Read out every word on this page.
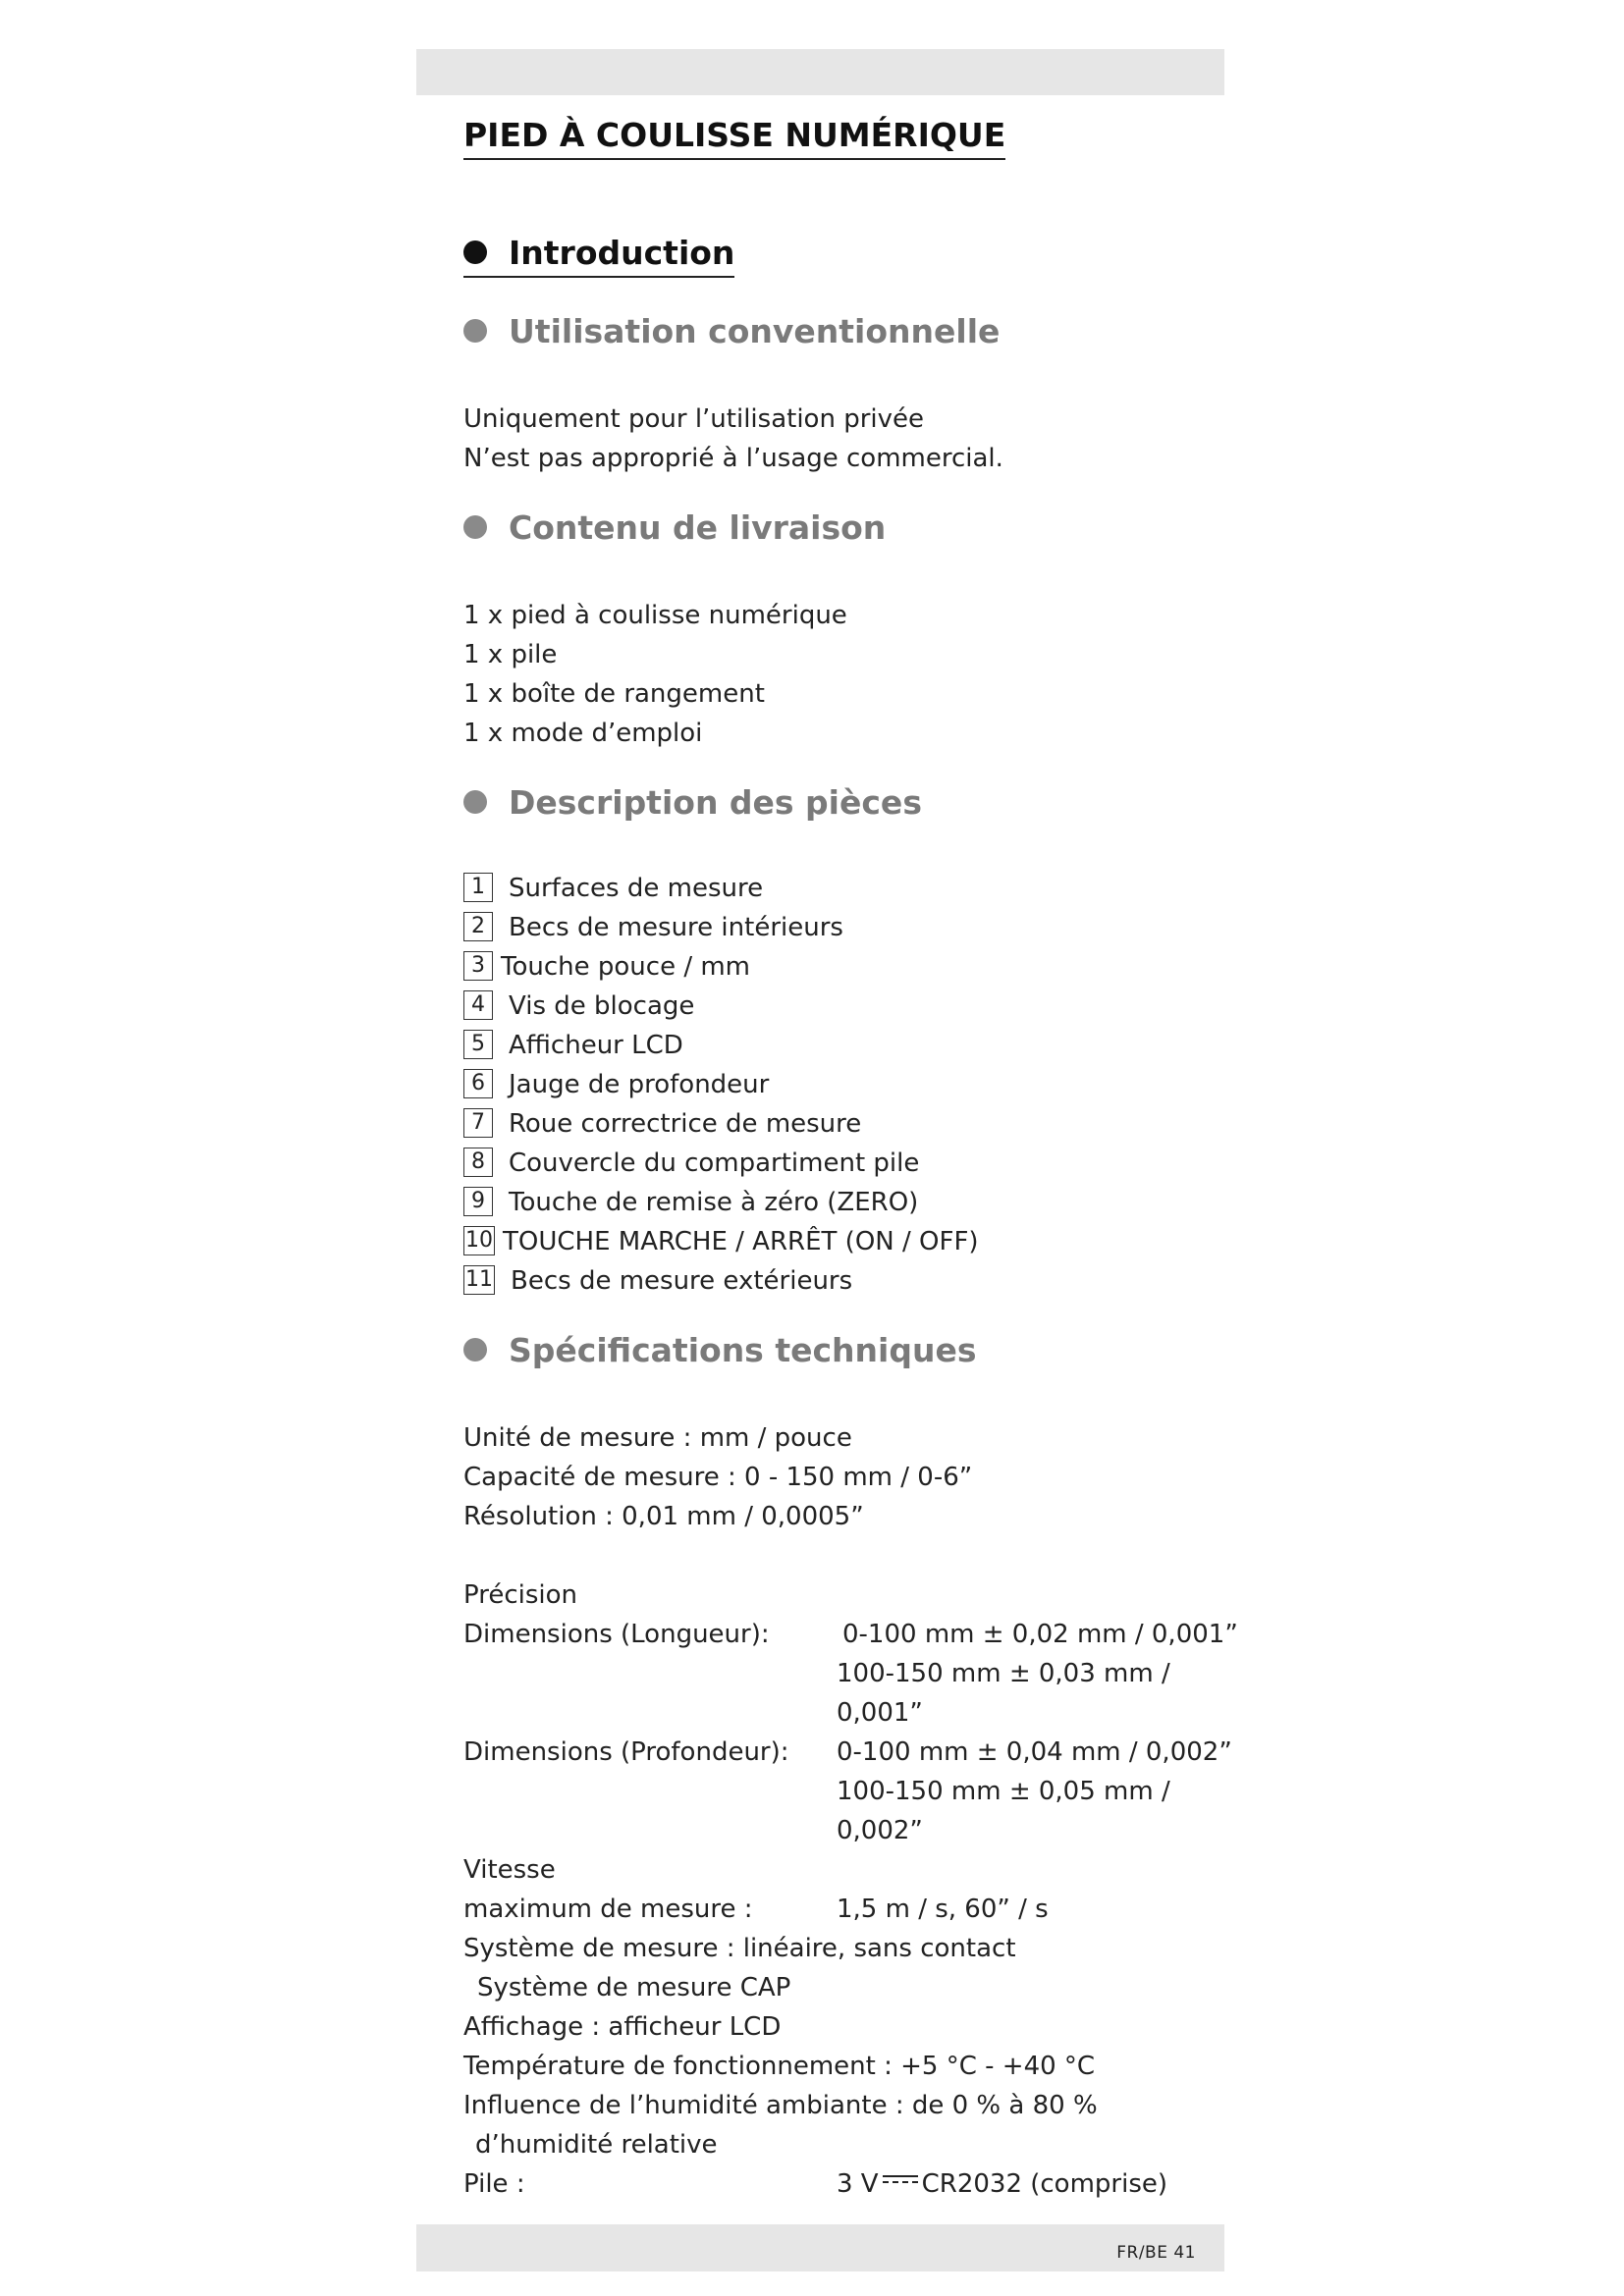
PIED À COULISSE NUMÉRIQUE
Introduction
Utilisation conventionnelle
Uniquement pour l’utilisation privée
N’est pas approprié à l’usage commercial.
Contenu de livraison
1 x pied à coulisse numérique
1 x pile
1 x boîte de rangement
1 x mode d’emploi
Description des pièces
1 Surfaces de mesure
2 Becs de mesure intérieurs
3 Touche pouce / mm
4 Vis de blocage
5 Afficheur LCD
6 Jauge de profondeur
7 Roue correctrice de mesure
8 Couvercle du compartiment pile
9 Touche de remise à zéro (ZERO)
10 TOUCHE MARCHE / ARRÊT (ON / OFF)
11 Becs de mesure extérieurs
Spécifications techniques
Unité de mesure : mm / pouce
Capacité de mesure : 0 - 150 mm / 0-6”
Résolution : 0,01 mm / 0,0005”
Précision
Dimensions (Longueur):	0-100 mm ± 0,02 mm / 0,001”
100-150 mm ± 0,03 mm /
0,001”
Dimensions (Profondeur): 0-100 mm ± 0,04 mm / 0,002”
100-150 mm ± 0,05 mm /
0,002”
Vitesse
maximum de mesure :	1,5 m / s, 60” / s
Système de mesure : linéaire, sans contact
Système de mesure CAP
Affichage : afficheur LCD
Température de fonctionnement : +5 °C - +40 °C
Influence de l’humidité ambiante : de 0 % à 80 %
d’humidité relative
Pile :	3 V CR2032 (comprise)
FR/BE 41
